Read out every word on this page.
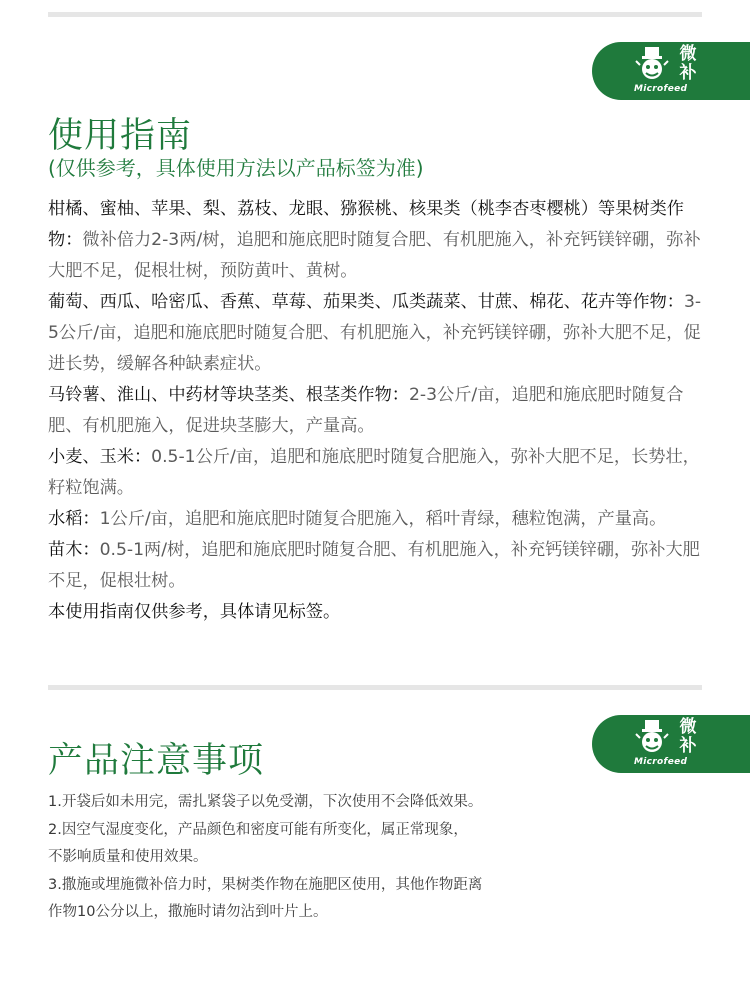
微补
Microfeed
使用指南
(仅供参考，具体使用方法以产品标签为准)

柑橘、蜜柚、苹果、梨、荔枝、龙眼、猕猴桃、核果类（桃李杏枣樱桃）等果树类作物：微补倍力2-3两/树，追肥和施底肥时随复合肥、有机肥施入，补充钙镁锌硼，弥补大肥不足，促根壮树，预防黄叶、黄树。

葡萄、西瓜、哈密瓜、香蕉、草莓、茄果类、瓜类蔬菜、甘蔗、棉花、花卉等作物：3-5公斤/亩，追肥和施底肥时随复合肥、有机肥施入，补充钙镁锌硼，弥补大肥不足，促进长势，缓解各种缺素症状。

马铃薯、淮山、中药材等块茎类、根茎类作物：2-3公斤/亩，追肥和施底肥时随复合肥、有机肥施入，促进块茎膨大，产量高。

小麦、玉米：0.5-1公斤/亩，追肥和施底肥时随复合肥施入，弥补大肥不足，长势壮，籽粒饱满。

水稻：1公斤/亩，追肥和施底肥时随复合肥施入，稻叶青绿，穗粒饱满，产量高。

苗木：0.5-1两/树，追肥和施底肥时随复合肥、有机肥施入，补充钙镁锌硼，弥补大肥不足，促根壮树。

本使用指南仅供参考，具体请见标签。

微补
Microfeed
产品注意事项
1.开袋后如未用完，需扎紧袋子以免受潮，下次使用不会降低效果。
2.因空气湿度变化，产品颜色和密度可能有所变化，属正常现象，
不影响质量和使用效果。
3.撒施或埋施微补倍力时，果树类作物在施肥区使用，其他作物距离
作物10公分以上，撒施时请勿沾到叶片上。
